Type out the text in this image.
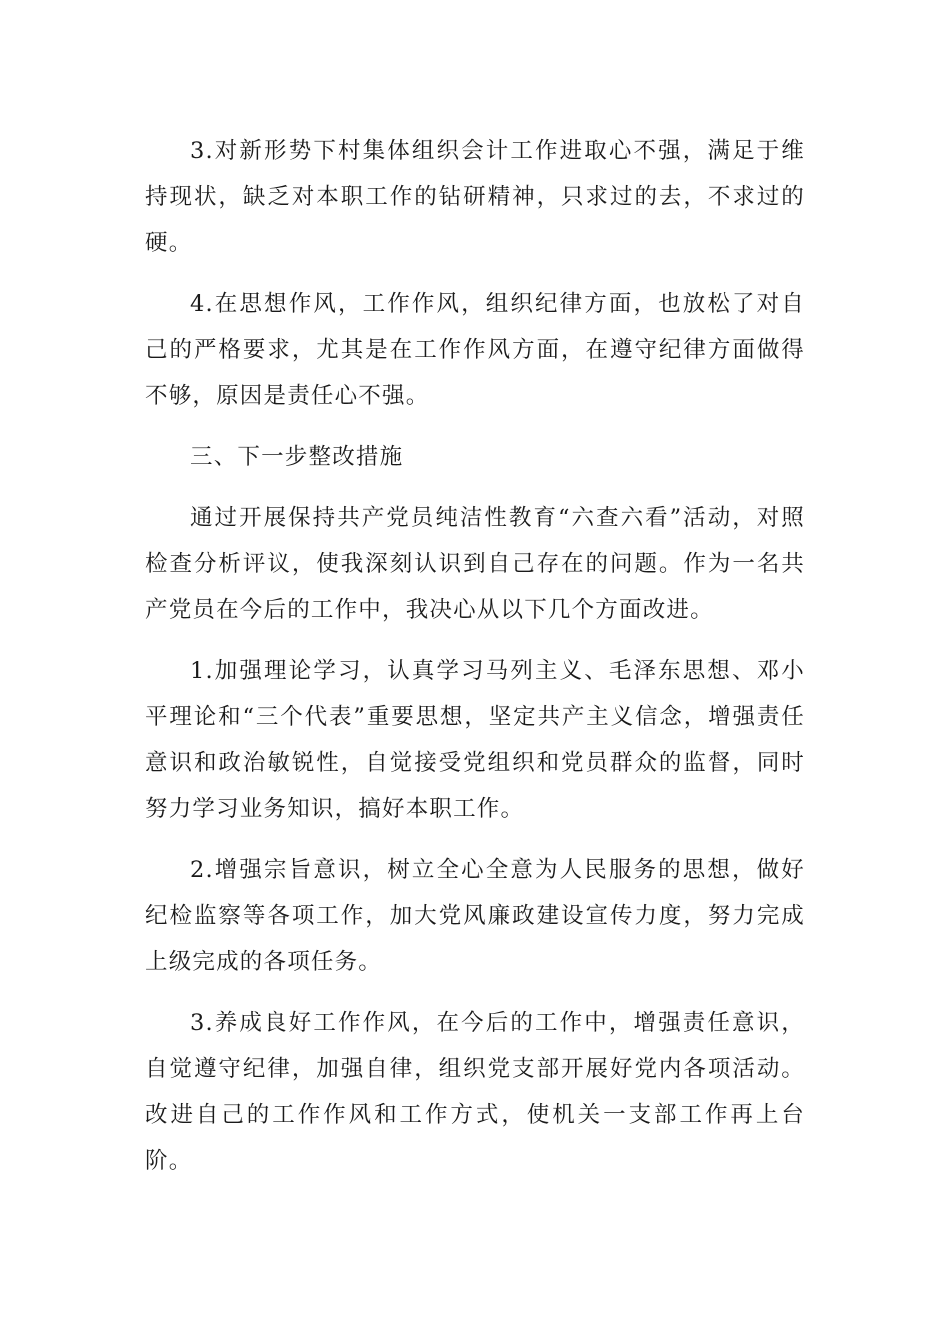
3.对新形势下村集体组织会计工作进取心不强，满足于维持现状，缺乏对本职工作的钻研精神，只求过的去，不求过的硬。

4.在思想作风，工作作风，组织纪律方面，也放松了对自己的严格要求，尤其是在工作作风方面，在遵守纪律方面做得不够，原因是责任心不强。

三、下一步整改措施

通过开展保持共产党员纯洁性教育“六查六看”活动，对照检查分析评议，使我深刻认识到自己存在的问题。作为一名共产党员在今后的工作中，我决心从以下几个方面改进。

1.加强理论学习，认真学习马列主义、毛泽东思想、邓小平理论和“三个代表”重要思想，坚定共产主义信念，增强责任意识和政治敏锐性，自觉接受党组织和党员群众的监督，同时努力学习业务知识，搞好本职工作。

2.增强宗旨意识，树立全心全意为人民服务的思想，做好纪检监察等各项工作，加大党风廉政建设宣传力度，努力完成上级完成的各项任务。

3.养成良好工作作风，在今后的工作中，增强责任意识，自觉遵守纪律，加强自律，组织党支部开展好党内各项活动。改进自己的工作作风和工作方式，使机关一支部工作再上台阶。
